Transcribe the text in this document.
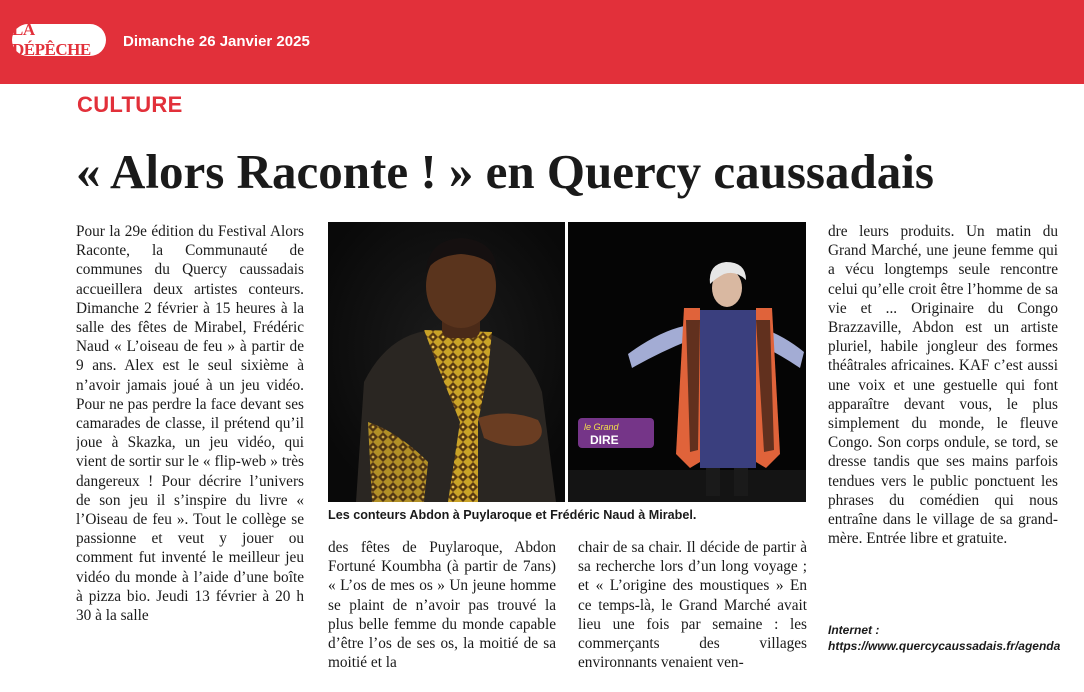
LA DÉPÊCHE	Dimanche 26 Janvier 2025
CULTURE
« Alors Raconte ! » en Quercy caussadais
Pour la 29e édition du Festival Alors Raconte, la Communauté de communes du Quercy caussadais accueillera deux artistes conteurs. Dimanche 2 février à 15 heures à la salle des fêtes de Mirabel, Frédéric Naud « L’oiseau de feu » à partir de 9 ans. Alex est le seul sixième à n’avoir jamais joué à un jeu vidéo. Pour ne pas perdre la face devant ses camarades de classe, il prétend qu’il joue à Skazka, un jeu vidéo, qui vient de sortir sur le « flip-web » très dangereux ! Pour décrire l’univers de son jeu il s’inspire du livre « l’Oiseau de feu ». Tout le collège se passionne et veut y jouer ou comment fut inventé le meilleur jeu vidéo du monde à l’aide d’une boîte à pizza bio. Jeudi 13 février à 20 h 30 à la salle
le Grand
DIRE
Les conteurs Abdon à Puylaroque et Frédéric Naud à Mirabel.
des fêtes de Puylaroque, Abdon Fortuné Koumbha (à partir de 7ans) « L’os de mes os » Un jeune homme se plaint de n’avoir pas trouvé la plus belle femme du monde capable d’être l’os de ses os, la moitié de sa moitié et la
chair de sa chair. Il décide de partir à sa recherche lors d’un long voyage ; et « L’origine des moustiques » En ce temps-là, le Grand Marché avait lieu une fois par semaine : les commerçants des villages environnants venaient ven-
dre leurs produits. Un matin du Grand Marché, une jeune femme qui a vécu longtemps seule rencontre celui qu’elle croit être l’homme de sa vie et ... Originaire du Congo Brazzaville, Abdon est un artiste pluriel, habile jongleur des formes théâtrales africaines. KAF c’est aussi une voix et une gestuelle qui font apparaître devant vous, le plus simplement du monde, le fleuve Congo. Son corps ondule, se tord, se dresse tandis que ses mains parfois tendues vers le public ponctuent les phrases du comédien qui nous entraîne dans le village de sa grand-mère. Entrée libre et gratuite.
Internet : https://www.quercycaussadais.fr/agenda
